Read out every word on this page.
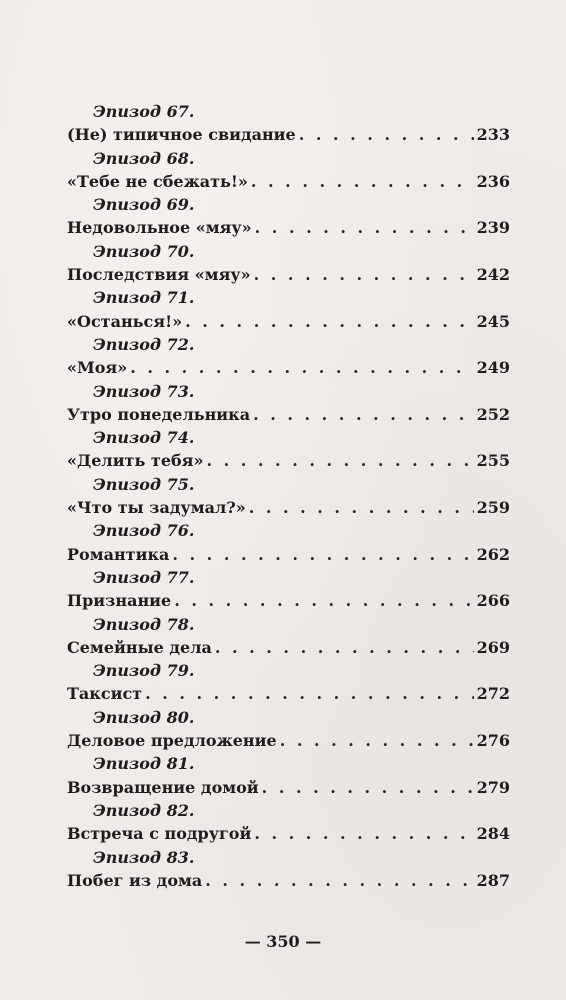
Эпизод 67.
(Не) типичное свидание . . .	233
Эпизод 68.
«Тебе не сбежать!» . . .	236
Эпизод 69.
Недовольное «мяу» . . .	239
Эпизод 70.
Последствия «мяу» . . .	242
Эпизод 71.
«Останься!» . . .	245
Эпизод 72.
«Моя» . . .	249
Эпизод 73.
Утро понедельника . . .	252
Эпизод 74.
«Делить тебя» . . .	255
Эпизод 75.
«Что ты задумал?» . . .	259
Эпизод 76.
Романтика . . .	262
Эпизод 77.
Признание . . .	266
Эпизод 78.
Семейные дела . . .	269
Эпизод 79.
Таксист . . .	272
Эпизод 80.
Деловое предложение . . .	276
Эпизод 81.
Возвращение домой . . .	279
Эпизод 82.
Встреча с подругой . . .	284
Эпизод 83.
Побег из дома . . .	287
— 350 —
